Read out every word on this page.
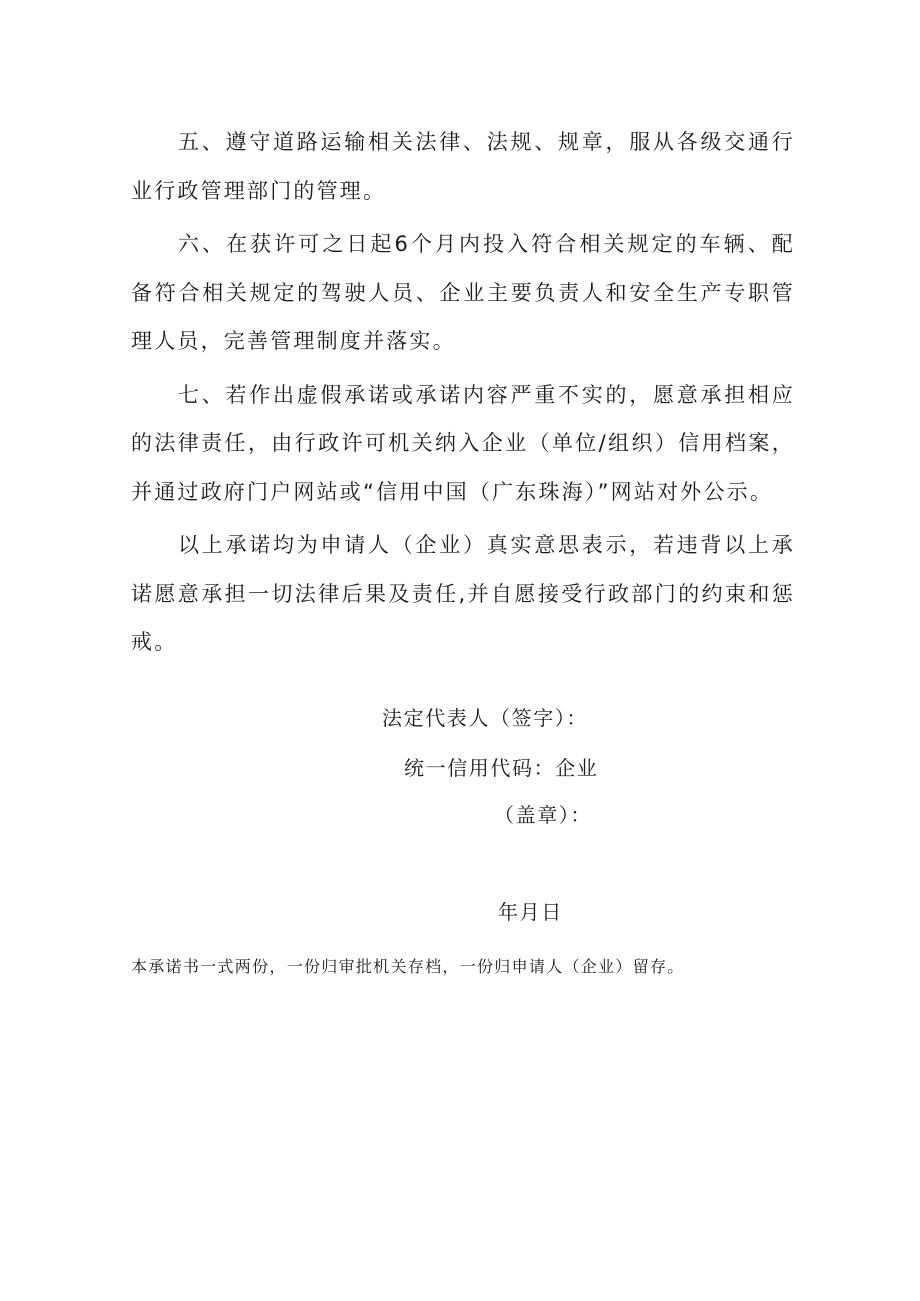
五、遵守道路运输相关法律、法规、规章，服从各级交通行业行政管理部门的管理。

六、在获许可之日起6个月内投入符合相关规定的车辆、配备符合相关规定的驾驶人员、企业主要负责人和安全生产专职管理人员，完善管理制度并落实。

七、若作出虚假承诺或承诺内容严重不实的，愿意承担相应的法律责任，由行政许可机关纳入企业（单位/组织）信用档案，并通过政府门户网站或“信用中国（广东珠海）”网站对外公示。

以上承诺均为申请人（企业）真实意思表示，若违背以上承诺愿意承担一切法律后果及责任,并自愿接受行政部门的约束和惩戒。

法定代表人（签字）：
统一信用代码：企业
（盖章）：
年月日
本承诺书一式两份，一份归审批机关存档，一份归申请人（企业）留存。
